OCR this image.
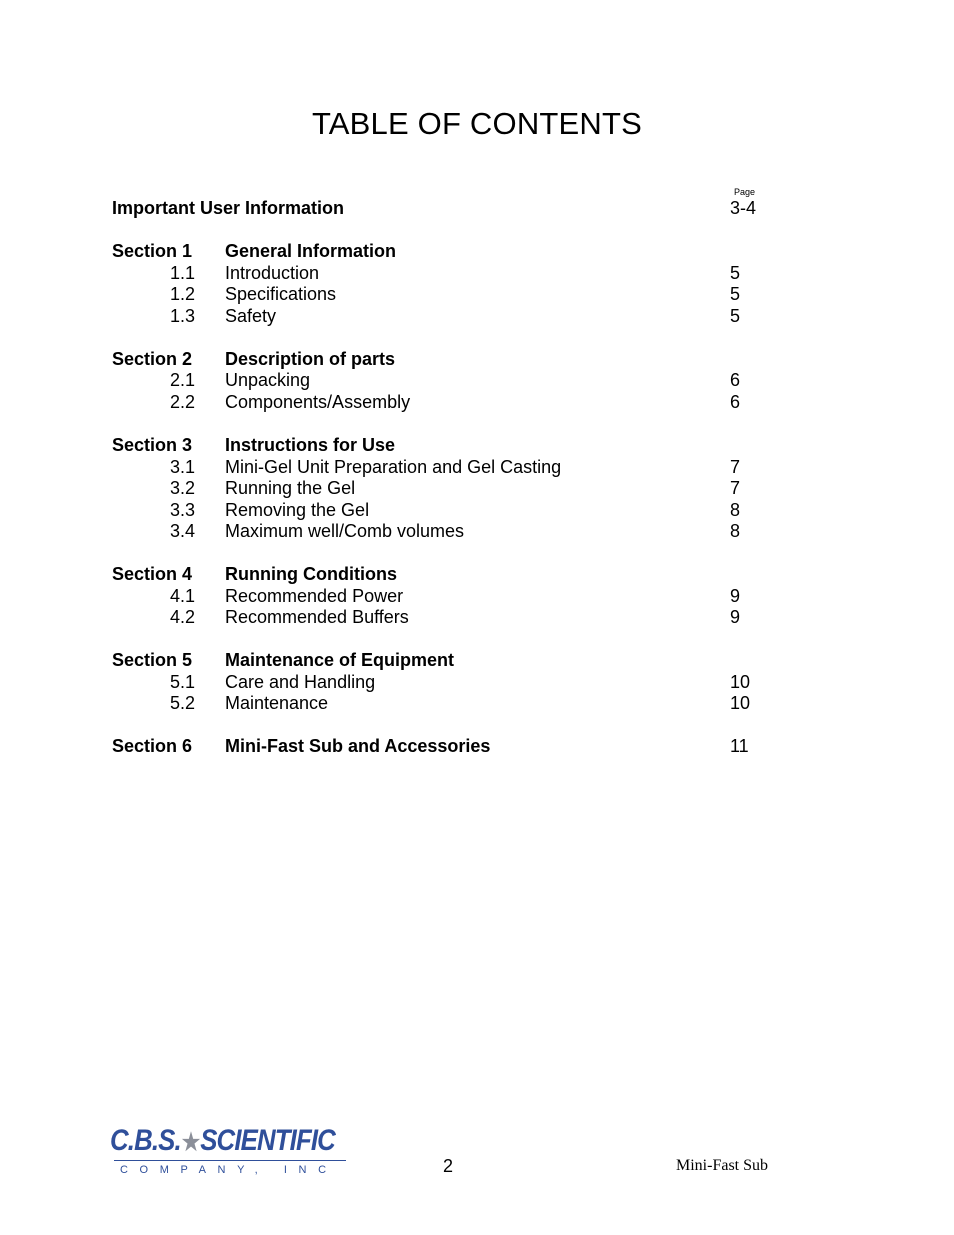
TABLE OF CONTENTS
Page
Important User Information	3-4
Section 1 General Information
1.1 Introduction	5
1.2 Specifications	5
1.3 Safety	5
Section 2 Description of parts
2.1 Unpacking	6
2.2 Components/Assembly	6
Section 3 Instructions for Use
3.1 Mini-Gel Unit Preparation and Gel Casting	7
3.2 Running the Gel	7
3.3 Removing the Gel	8
3.4 Maximum well/Comb volumes	8
Section 4 Running Conditions
4.1 Recommended Power	9
4.2 Recommended Buffers	9
Section 5 Maintenance of Equipment
5.1 Care and Handling	10
5.2 Maintenance	10
Section 6 Mini-Fast Sub and Accessories	11
C.B.S.★SCIENTIFIC
COMPANY, INC	2	Mini-Fast Sub
